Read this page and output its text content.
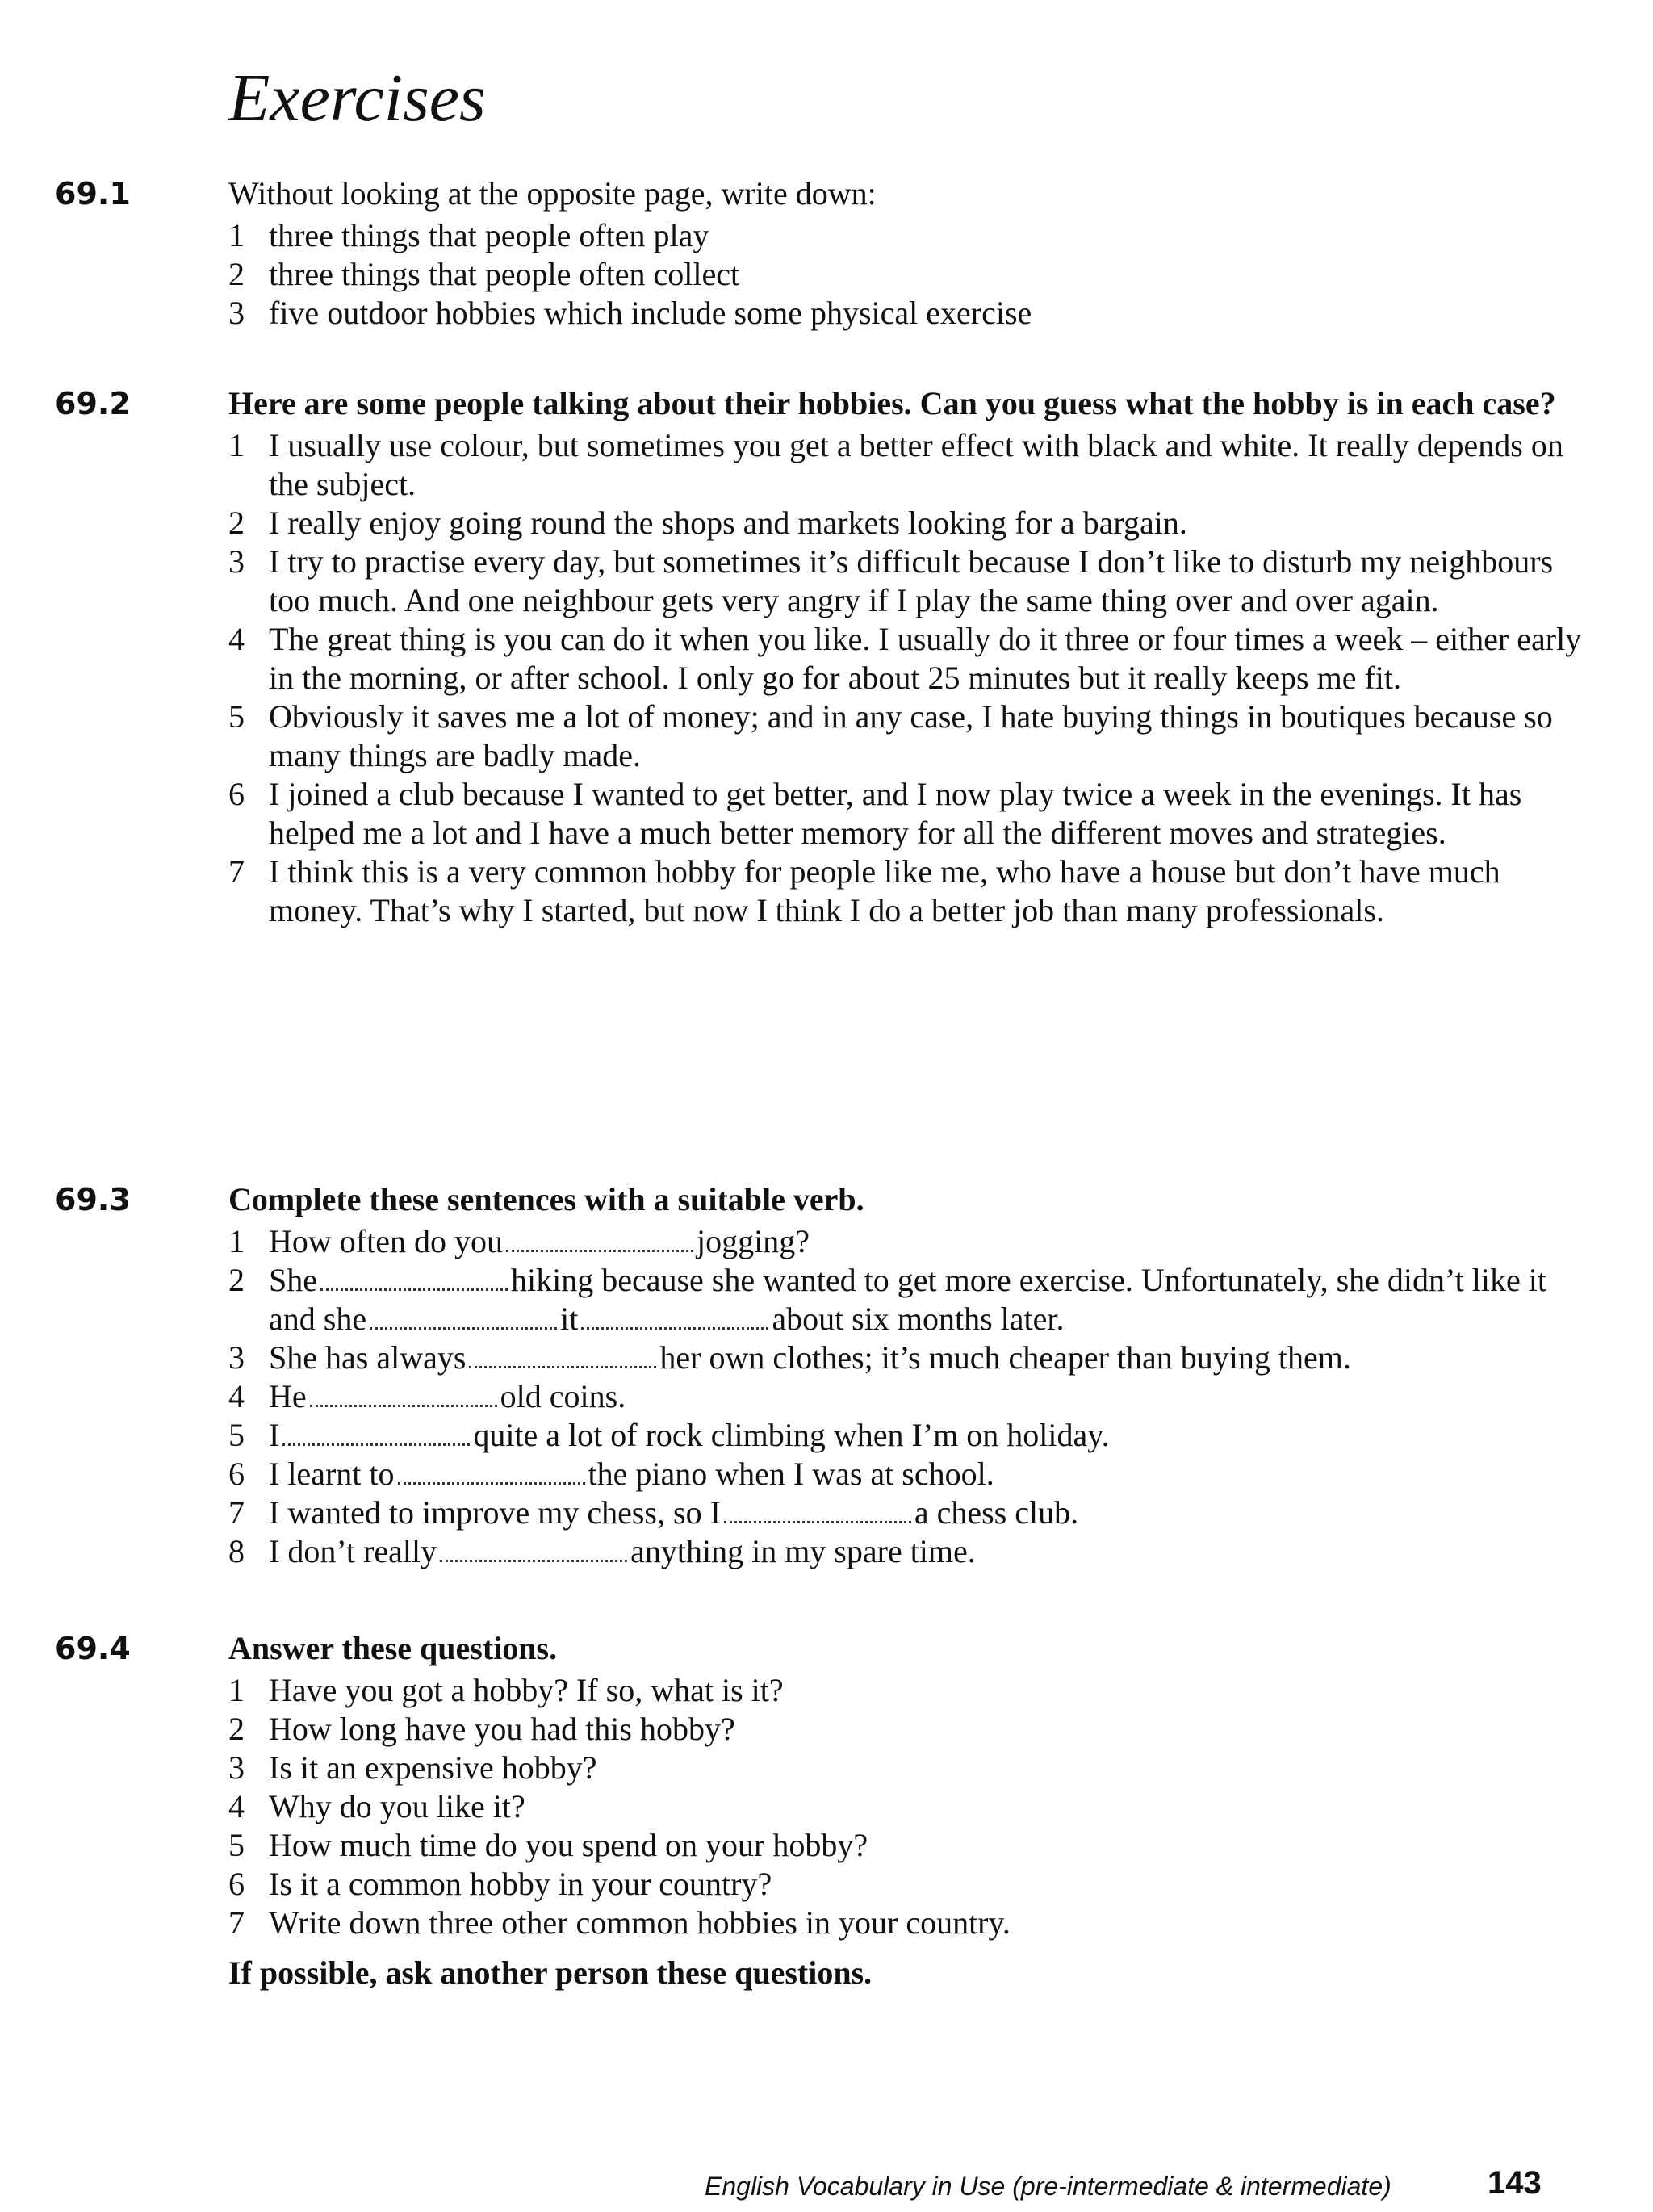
Exercises
69.1	Without looking at the opposite page, write down:

1 three things that people often play
2 three things that people often collect
3 five outdoor hobbies which include some physical exercise
69.2	Here are some people talking about their hobbies. Can you guess what the hobby is in each case?

1 I usually use colour, but sometimes you get a better effect with black and white. It really depends on the subject.
2 I really enjoy going round the shops and markets looking for a bargain.
3 I try to practise every day, but sometimes it’s difficult because I don’t like to disturb my neighbours too much. And one neighbour gets very angry if I play the same thing over and over again.
4 The great thing is you can do it when you like. I usually do it three or four times a week – either early in the morning, or after school. I only go for about 25 minutes but it really keeps me fit.
5 Obviously it saves me a lot of money; and in any case, I hate buying things in boutiques because so many things are badly made.
6 I joined a club because I wanted to get better, and I now play twice a week in the evenings. It has helped me a lot and I have a much better memory for all the different moves and strategies.
7 I think this is a very common hobby for people like me, who have a house but don’t have much money. That’s why I started, but now I think I do a better job than many professionals.
69.3	Complete these sentences with a suitable verb.

1 How often do you	jogging?
2 She	hiking because she wanted to get more exercise. Unfortunately, she didn’t like it and she	it	about six months later.
3 She has always	her own clothes; it’s much cheaper than buying them.
4 He	old coins.
5 I	quite a lot of rock climbing when I’m on holiday.
6 I learnt to	the piano when I was at school.
7 I wanted to improve my chess, so I	a chess club.
8 I don’t really	anything in my spare time.
69.4	Answer these questions.

1 Have you got a hobby? If so, what is it?
2 How long have you had this hobby?
3 Is it an expensive hobby?
4 Why do you like it?
5 How much time do you spend on your hobby?
6 Is it a common hobby in your country?
7 Write down three other common hobbies in your country.

If possible, ask another person these questions.

English Vocabulary in Use (pre-intermediate & intermediate)	143
